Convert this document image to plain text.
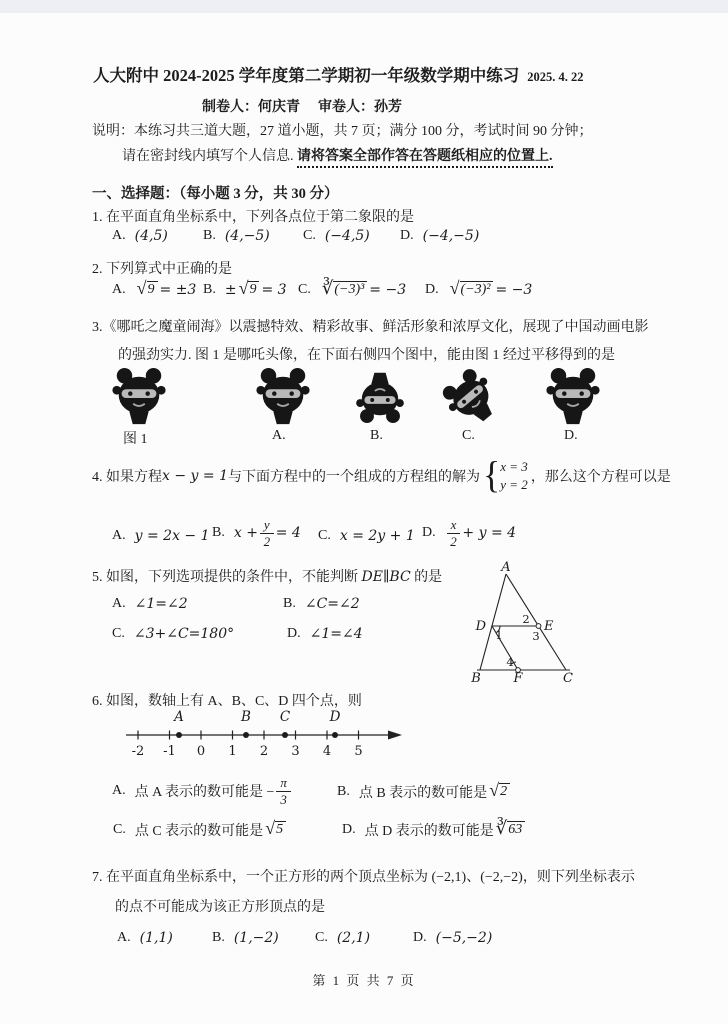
人大附中 2024-2025 学年度第二学期初一年级数学期中练习 2025. 4. 22
制卷人：何庆青 审卷人：孙芳
说明：本练习共三道大题，27 道小题，共 7 页；满分 100 分，考试时间 90 分钟；
请在密封线内填写个人信息. 请将答案全部作答在答题纸相应的位置上.
一、选择题：（每小题 3 分，共 30 分）
1. 在平面直角坐标系中，下列各点位于第二象限的是
A. (4,5)	B. (4,−5) C. (−4,5) D. (−4,−5)
2. 下列算式中正确的是
A. √ 9 = ±3 B. ± √ 9 = 3 C. ∛ (−3)³ = −3 D. √ (−3)² = −3
3.《哪吒之魔童闹海》以震撼特效、精彩故事、鲜活形象和浓厚文化，展现了中国动画电影
的强劲实力. 图 1 是哪吒头像，在下面右侧四个图中，能由图 1 经过平移得到的是
图 1	A.	B.	C.	D.
4. 如果方程 x − y = 1 与下面方程中的一个组成的方程组的解为 { x = 3
y = 2 ，那么这个方程可以是
A. y = 2x − 1 B. $x + \frac{y}{2} = 4$ C. x = 2y + 1 D. $\frac{x}{2} + y = 4$
5. 如图，下列选项提供的条件中，不能判断 DE∥BC 的是
A. ∠1=∠2	B. ∠C=∠2
C. ∠3+∠C=180°	D. ∠1=∠4
A
B	C
D	E
F
1
2
3
4
6. 如图，数轴上有 A、B、C、D 四个点，则
-2 -1 0 1 2 3 4 5
A	B C	D
A. 点 A 表示的数可能是 − $\frac{\pi}{3}$	B. 点 B 表示的数可能是 √ 2
C. 点 C 表示的数可能是 √ 5	D. 点 D 表示的数可能是 ∛ 63
7. 在平面直角坐标系中，一个正方形的两个顶点坐标为 (−2,1)、(−2,−2)，则下列坐标表示
的点不可能成为该正方形顶点的是
A. (1,1)	B. (1,−2)	C. (2,1)	D. (−5,−2)
第 1 页 共 7 页
